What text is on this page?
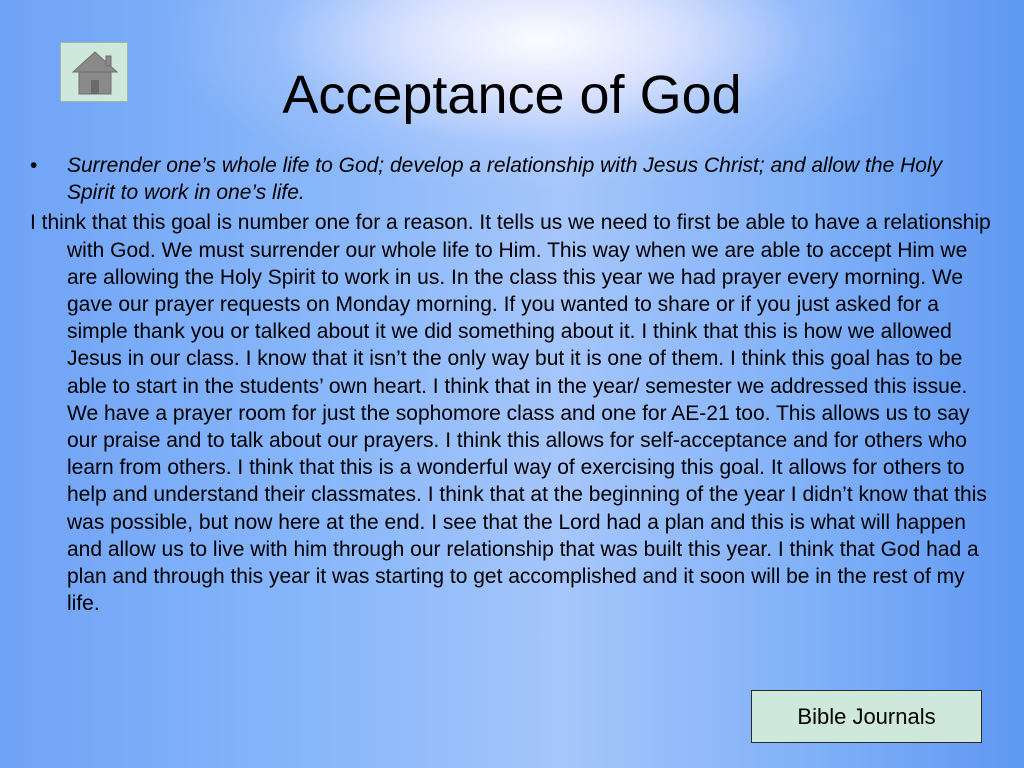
Acceptance of God
• Surrender one’s whole life to God; develop a relationship with Jesus Christ; and allow the Holy Spirit to work in one’s life.

I think that this goal is number one for a reason. It tells us we need to first be able to have a relationship with God. We must surrender our whole life to Him. This way when we are able to accept Him we are allowing the Holy Spirit to work in us. In the class this year we had prayer every morning. We gave our prayer requests on Monday morning. If you wanted to share or if you just asked for a simple thank you or talked about it we did something about it. I think that this is how we allowed Jesus in our class. I know that it isn’t the only way but it is one of them. I think this goal has to be able to start in the students’ own heart. I think that in the year/ semester we addressed this issue. We have a prayer room for just the sophomore class and one for AE-21 too. This allows us to say our praise and to talk about our prayers. I think this allows for self-acceptance and for others who learn from others. I think that this is a wonderful way of exercising this goal. It allows for others to help and understand their classmates. I think that at the beginning of the year I didn’t know that this was possible, but now here at the end. I see that the Lord had a plan and this is what will happen and allow us to live with him through our relationship that was built this year. I think that God had a plan and through this year it was starting to get accomplished and it soon will be in the rest of my life.

Bible Journals
